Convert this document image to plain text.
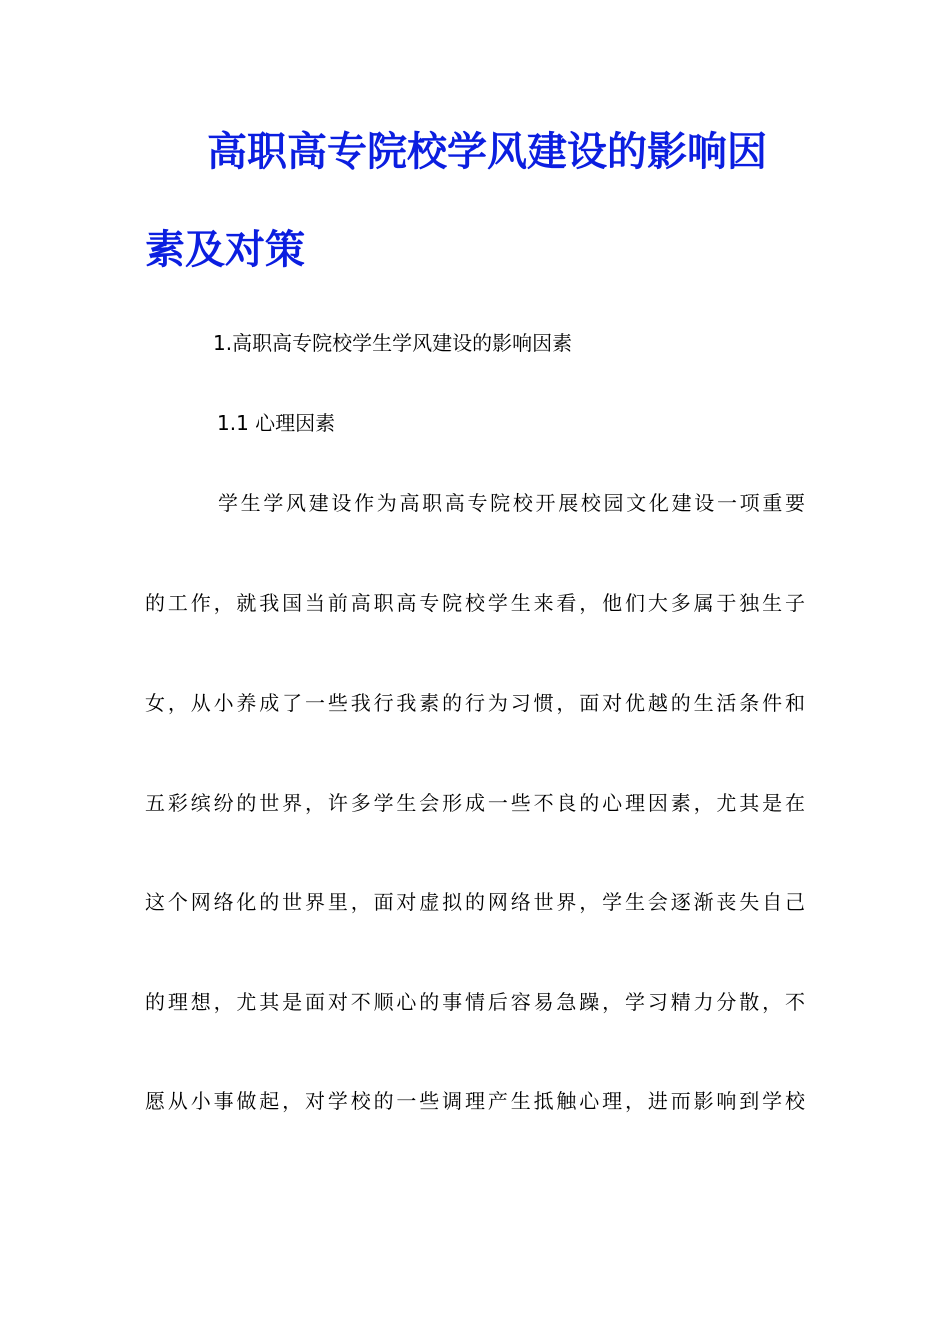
高职高专院校学风建设的影响因
素及对策
1.高职高专院校学生学风建设的影响因素
1.1 心理因素
学生学风建设作为高职高专院校开展校园文化建设一项重要
的工作，就我国当前高职高专院校学生来看，他们大多属于独生子
女，从小养成了一些我行我素的行为习惯，面对优越的生活条件和
五彩缤纷的世界，许多学生会形成一些不良的心理因素，尤其是在
这个网络化的世界里，面对虚拟的网络世界，学生会逐渐丧失自己
的理想，尤其是面对不顺心的事情后容易急躁，学习精力分散，不
愿从小事做起，对学校的一些调理产生抵触心理，进而影响到学校
